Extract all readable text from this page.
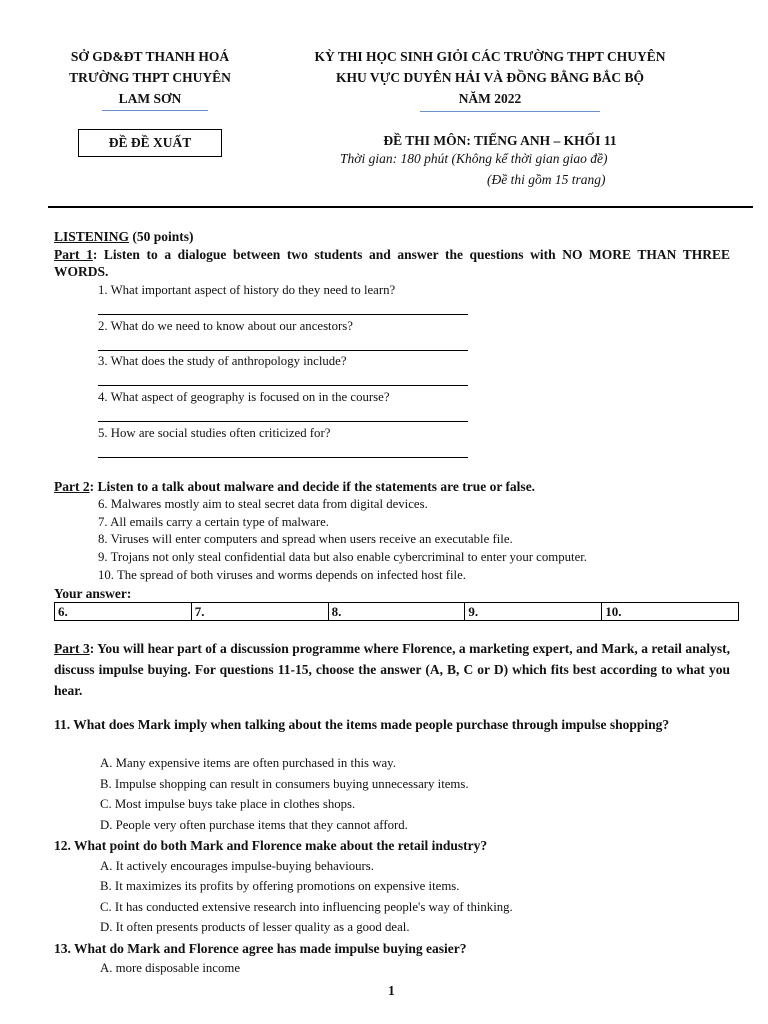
SỞ GD&ĐT THANH HOÁ
TRƯỜNG THPT CHUYÊN
LAM SƠN
KỲ THI HỌC SINH GIỎI CÁC TRƯỜNG THPT CHUYÊN
KHU VỰC DUYÊN HẢI VÀ ĐỒNG BẰNG BẮC BỘ
NĂM 2022
ĐỀ ĐỀ XUẤT	ĐỀ THI MÔN: TIẾNG ANH – KHỐI 11
Thời gian: 180 phút (Không kể thời gian giao đề)
(Đề thi gồm 15 trang)
LISTENING (50 points)
Part 1: Listen to a dialogue between two students and answer the questions with NO MORE THAN THREE WORDS.
1. What important aspect of history do they need to learn?
2. What do we need to know about our ancestors?
3. What does the study of anthropology include?
4. What aspect of geography is focused on in the course?
5. How are social studies often criticized for?
Part 2: Listen to a talk about malware and decide if the statements are true or false.
6. Malwares mostly aim to steal secret data from digital devices.
7. All emails carry a certain type of malware.
8. Viruses will enter computers and spread when users receive an executable file.
9. Trojans not only steal confidential data but also enable cybercriminal to enter your computer.
10. The spread of both viruses and worms depends on infected host file.
Your answer:
6.	7.	8.	9.	10.
Part 3: You will hear part of a discussion programme where Florence, a marketing expert, and Mark, a retail analyst, discuss impulse buying. For questions 11-15, choose the answer (A, B, C or D) which fits best according to what you hear.
11. What does Mark imply when talking about the items made people purchase through impulse shopping?
A. Many expensive items are often purchased in this way.
B. Impulse shopping can result in consumers buying unnecessary items.
C. Most impulse buys take place in clothes shops.
D. People very often purchase items that they cannot afford.
12. What point do both Mark and Florence make about the retail industry?
A. It actively encourages impulse-buying behaviours.
B. It maximizes its profits by offering promotions on expensive items.
C. It has conducted extensive research into influencing people's way of thinking.
D. It often presents products of lesser quality as a good deal.
13. What do Mark and Florence agree has made impulse buying easier?
A. more disposable income
1
